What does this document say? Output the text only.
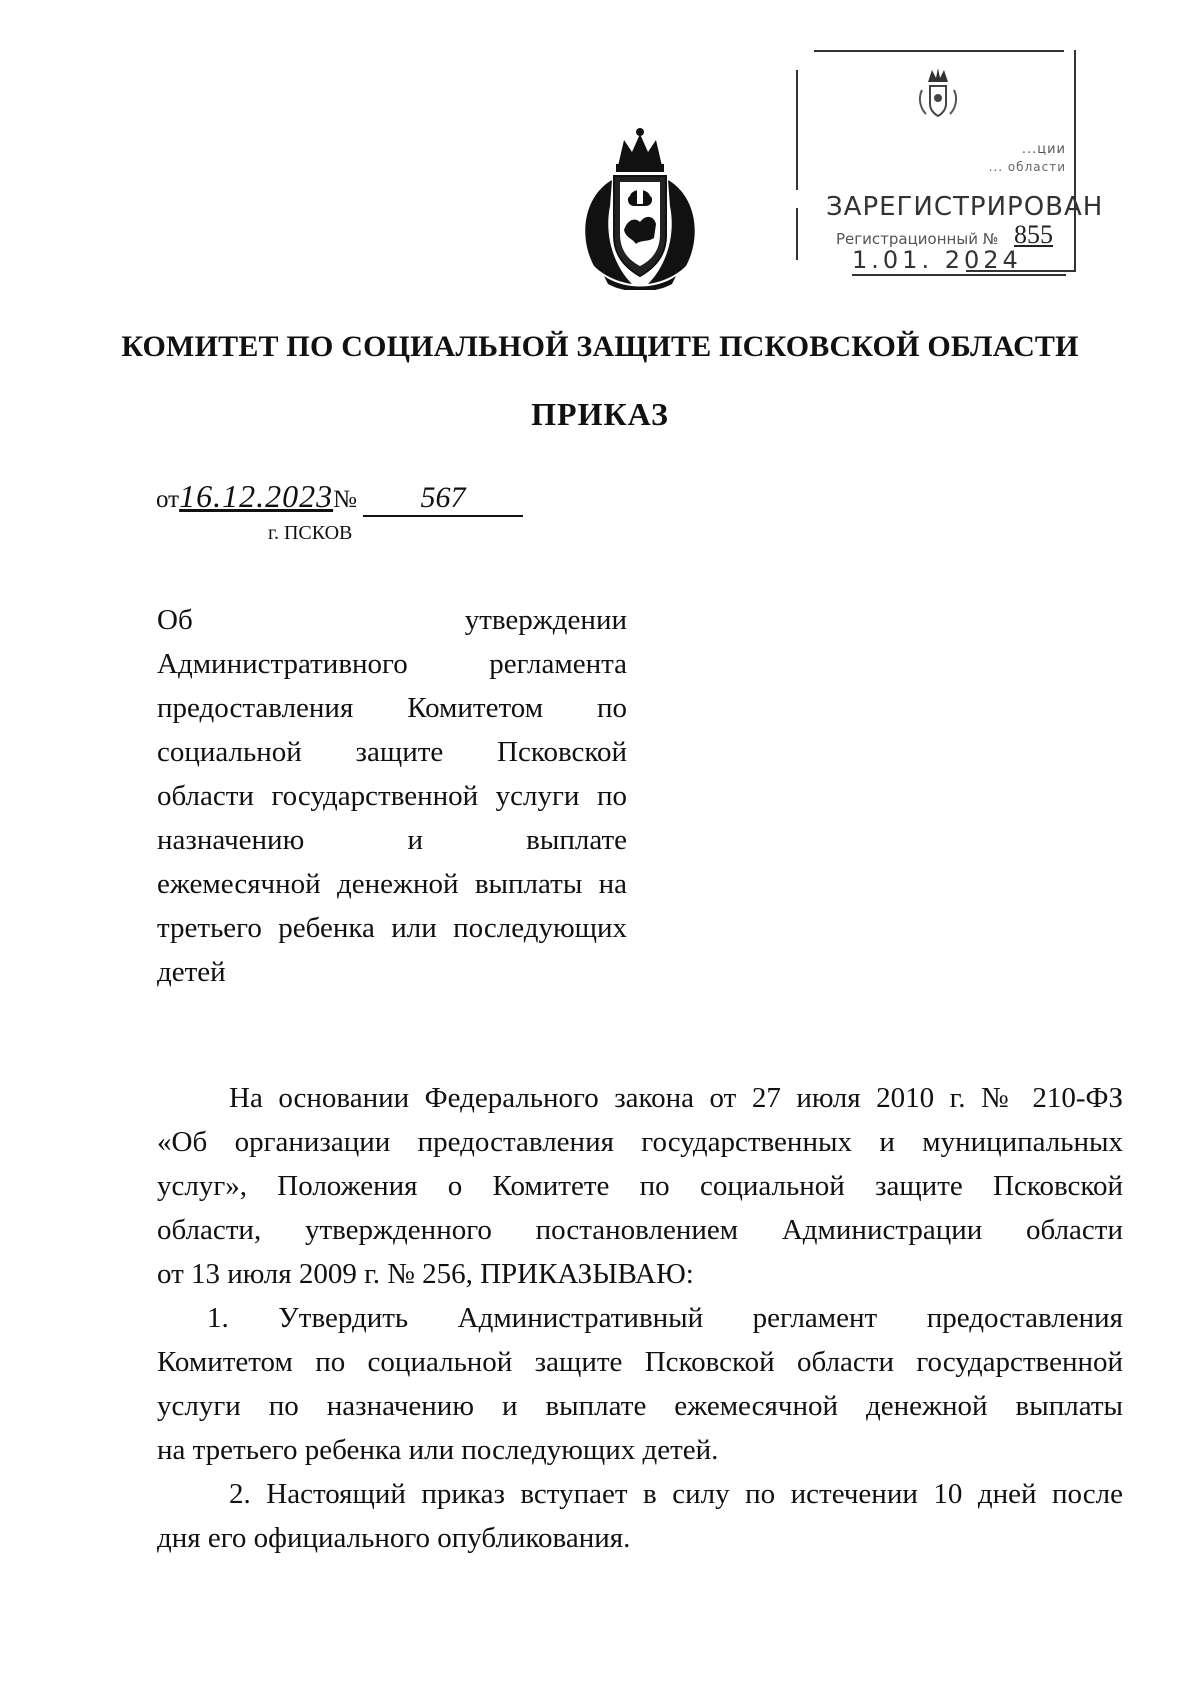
...ции
... области
ЗАРЕГИСТРИРОВАН
Регистрационный № 855
1.01. 2024
КОМИТЕТ ПО СОЦИАЛЬНОЙ ЗАЩИТЕ ПСКОВСКОЙ ОБЛАСТИ
ПРИКАЗ
от16.12.2023№ 567
г. ПСКОВ
Об утверждении
Административного регламента
предоставления Комитетом по
социальной защите Псковской
области государственной услуги по
назначению и выплате
ежемесячной денежной выплаты на
третьего ребенка или последующих
детей
На основании Федерального закона от 27 июля 2010 г. № 210-ФЗ
«Об организации предоставления государственных и муниципальных
услуг», Положения о Комитете по социальной защите Псковской
области, утвержденного постановлением Администрации области
от 13 июля 2009 г. № 256, ПРИКАЗЫВАЮ:
1. Утвердить Административный регламент предоставления
Комитетом по социальной защите Псковской области государственной
услуги по назначению и выплате ежемесячной денежной выплаты
на третьего ребенка или последующих детей.
2. Настоящий приказ вступает в силу по истечении 10 дней после
дня его официального опубликования.
